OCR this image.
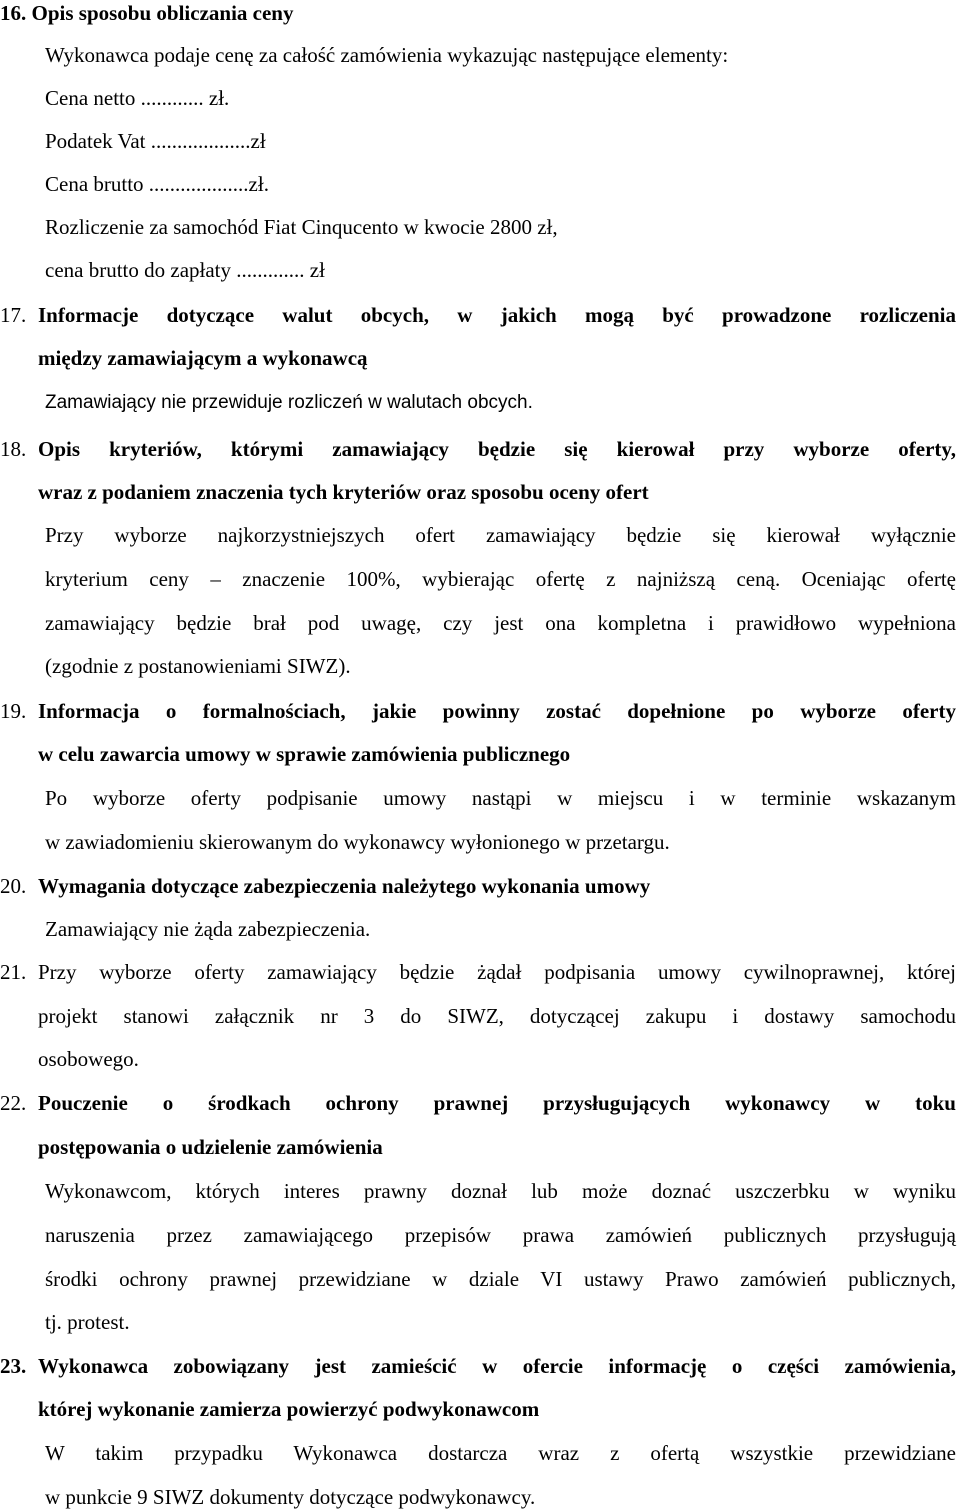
16. Opis sposobu obliczania ceny
Wykonawca podaje cenę za całość zamówienia wykazując następujące elementy:
Cena netto ............ zł.
Podatek Vat ...................zł
Cena brutto ...................zł.
Rozliczenie za samochód Fiat Cinqucento w kwocie 2800 zł,
cena brutto do zapłaty ............. zł
17. Informacje dotyczące walut obcych, w jakich mogą być prowadzone rozliczenia
między zamawiającym a wykonawcą
Zamawiający nie przewiduje rozliczeń w walutach obcych.
18. Opis kryteriów, którymi zamawiający będzie się kierował przy wyborze oferty,
wraz z podaniem znaczenia tych kryteriów oraz sposobu oceny ofert
Przy wyborze najkorzystniejszych ofert zamawiający będzie się kierował wyłącznie
kryterium ceny – znaczenie 100%, wybierając ofertę z najniższą ceną. Oceniając ofertę
zamawiający będzie brał pod uwagę, czy jest ona kompletna i prawidłowo wypełniona
(zgodnie z postanowieniami SIWZ).
19. Informacja o formalnościach, jakie powinny zostać dopełnione po wyborze oferty
w celu zawarcia umowy w sprawie zamówienia publicznego
Po wyborze oferty podpisanie umowy nastąpi w miejscu i w terminie wskazanym
w zawiadomieniu skierowanym do wykonawcy wyłonionego w przetargu.
20. Wymagania dotyczące zabezpieczenia należytego wykonania umowy
Zamawiający nie żąda zabezpieczenia.
21. Przy wyborze oferty zamawiający będzie żądał podpisania umowy cywilnoprawnej, której
projekt stanowi załącznik nr 3 do SIWZ, dotyczącej zakupu i dostawy samochodu
osobowego.
22. Pouczenie o środkach ochrony prawnej przysługujących wykonawcy w toku
postępowania o udzielenie zamówienia
Wykonawcom, których interes prawny doznał lub może doznać uszczerbku w wyniku
naruszenia przez zamawiającego przepisów prawa zamówień publicznych przysługują
środki ochrony prawnej przewidziane w dziale VI ustawy Prawo zamówień publicznych,
tj. protest.
23. Wykonawca zobowiązany jest zamieścić w ofercie informację o części zamówienia,
której wykonanie zamierza powierzyć podwykonawcom
W takim przypadku Wykonawca dostarcza wraz z ofertą wszystkie przewidziane
w punkcie 9 SIWZ dokumenty dotyczące podwykonawcy.
